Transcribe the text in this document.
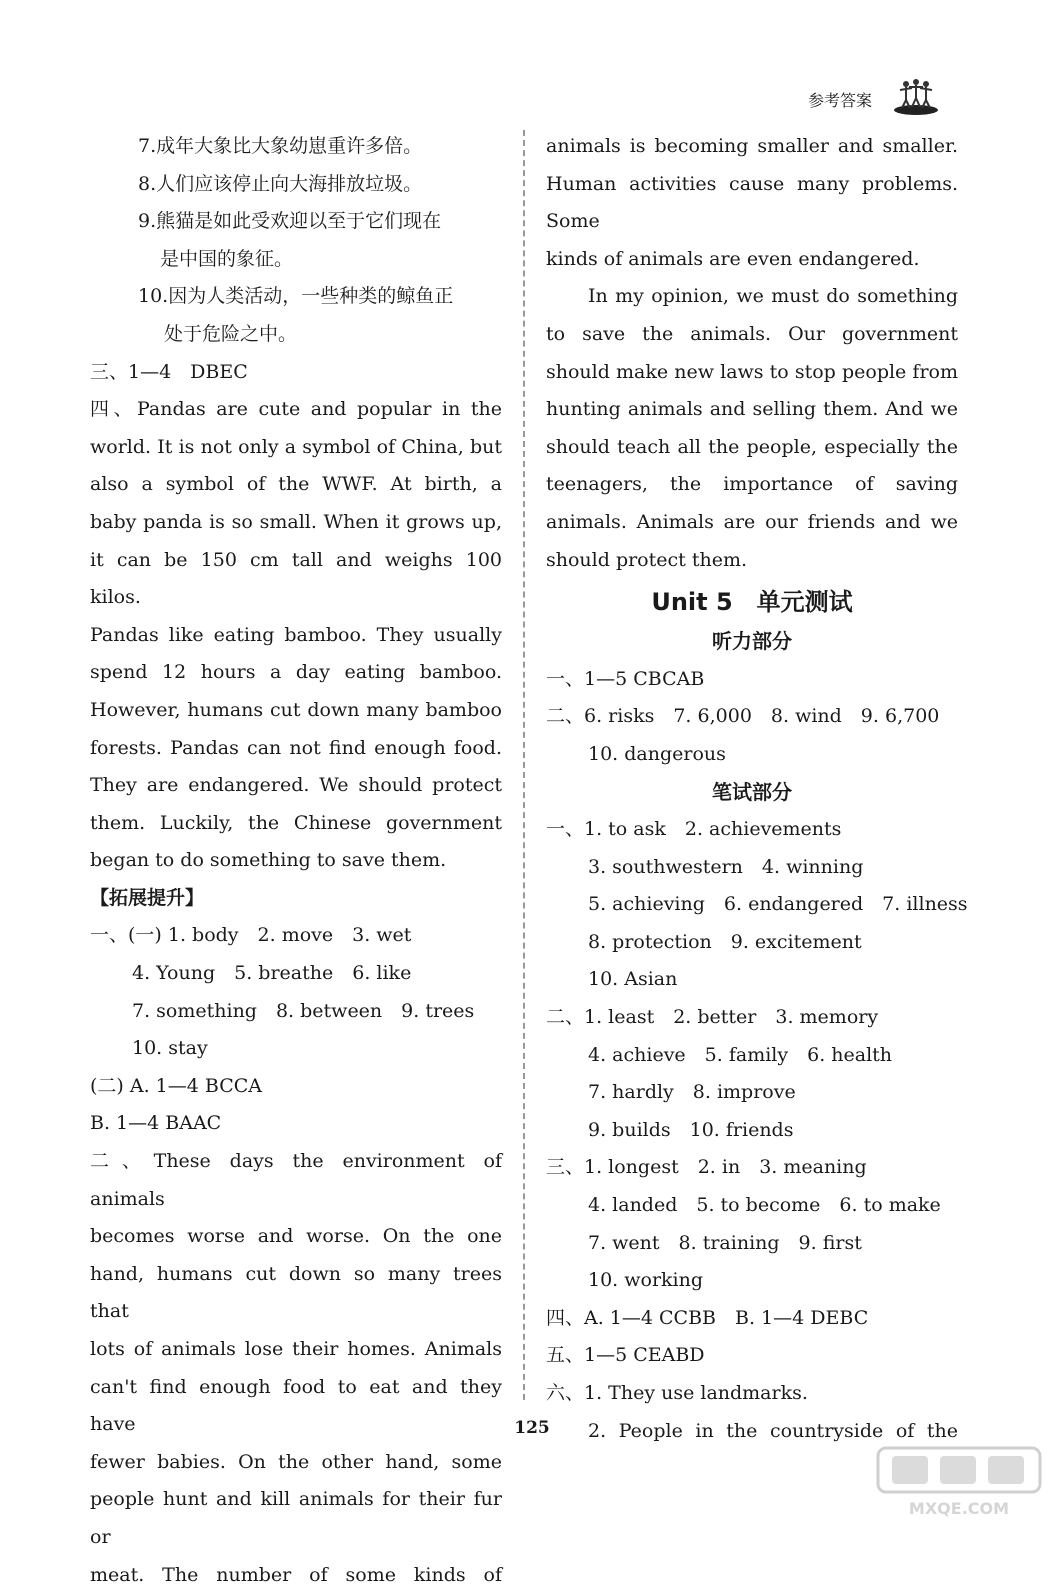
参考答案
7.成年大象比大象幼崽重许多倍。
8.人们应该停止向大海排放垃圾。
9.熊猫是如此受欢迎以至于它们现在
是中国的象征。
10.因为人类活动，一些种类的鲸鱼正
处于危险之中。
三、1—4　DBEC
四、Pandas are cute and popular in the
world. It is not only a symbol of China, but
also a symbol of the WWF. At birth, a
baby panda is so small. When it grows up,
it can be 150 cm tall and weighs 100 kilos.
Pandas like eating bamboo. They usually
spend 12 hours a day eating bamboo.
However, humans cut down many bamboo
forests. Pandas can not find enough food.
They are endangered. We should protect
them. Luckily, the Chinese government
began to do something to save them.
【拓展提升】
一、(一) 1. body　2. move　3. wet
4. Young　5. breathe　6. like
7. something　8. between　9. trees
10. stay
(二) A. 1—4 BCCA
B. 1—4 BAAC
二、These days the environment of animals
becomes worse and worse. On the one
hand, humans cut down so many trees that
lots of animals lose their homes. Animals
can't find enough food to eat and they have
fewer babies. On the other hand, some
people hunt and kill animals for their fur or
meat. The number of some kinds of
animals is becoming smaller and smaller.
Human activities cause many problems. Some
kinds of animals are even endangered.
In my opinion, we must do something
to save the animals. Our government
should make new laws to stop people from
hunting animals and selling them. And we
should teach all the people, especially the
teenagers, the importance of saving
animals. Animals are our friends and we
should protect them.
Unit 5　单元测试
听力部分
一、1—5 CBCAB
二、6. risks　7. 6,000　8. wind　9. 6,700
10. dangerous
笔试部分
一、1. to ask　2. achievements
3. southwestern　4. winning
5. achieving　6. endangered　7. illness
8. protection　9. excitement
10. Asian
二、1. least　2. better　3. memory
4. achieve　5. family　6. health
7. hardly　8. improve
9. builds　10. friends
三、1. longest　2. in　3. meaning
4. landed　5. to become　6. to make
7. went　8. training　9. first
10. working
四、A. 1—4 CCBB　B. 1—4 DEBC
五、1—5 CEABD
六、1. They use landmarks.
2. People in the countryside of the
125
MXQE.COM
